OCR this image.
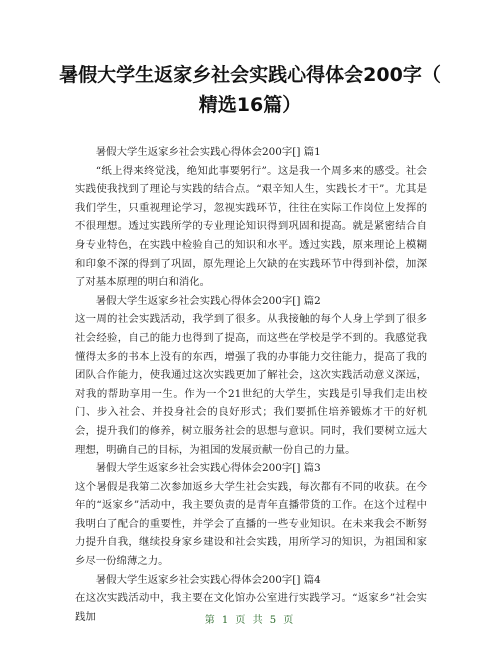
暑假大学生返家乡社会实践心得体会200字（
精选16篇）

暑假大学生返家乡社会实践心得体会200字[] 篇1

“纸上得来终觉浅，绝知此事要躬行”。这是我一个周多来的感受。社会实践使我找到了理论与实践的结合点。“艰辛知人生，实践长才干”。尤其是我们学生，只重视理论学习，忽视实践环节，往往在实际工作岗位上发挥的不很理想。透过实践所学的专业理论知识得到巩固和提高。就是紧密结合自身专业特色，在实践中检验自己的知识和水平。透过实践，原来理论上模糊和印象不深的得到了巩固，原先理论上欠缺的在实践环节中得到补偿，加深了对基本原理的明白和消化。

暑假大学生返家乡社会实践心得体会200字[] 篇2

这一周的社会实践活动，我学到了很多。从我接触的每个人身上学到了很多社会经验，自己的能力也得到了提高，而这些在学校是学不到的。我感觉我懂得太多的书本上没有的东西，增强了我的办事能力交往能力，提高了我的团队合作能力，使我通过这次实践更加了解社会，这次实践活动意义深远，对我的帮助享用一生。作为一个21世纪的大学生，实践是引导我们走出校门、步入社会、并投身社会的良好形式；我们要抓住培养锻炼才干的好机会，提升我们的修养，树立服务社会的思想与意识。同时，我们要树立远大理想，明确自己的目标，为祖国的发展贡献一份自己的力量。

暑假大学生返家乡社会实践心得体会200字[] 篇3

这个暑假是我第二次参加返乡大学生社会实践，每次都有不同的收获。在今年的“返家乡”活动中，我主要负责的是青年直播带货的工作。在这个过程中我明白了配合的重要性，并学会了直播的一些专业知识。在未来我会不断努力提升自我，继续投身家乡建设和社会实践，用所学习的知识，为祖国和家乡尽一份绵薄之力。

暑假大学生返家乡社会实践心得体会200字[] 篇4

在这次实践活动中，我主要在文化馆办公室进行实践学习。“返家乡”社会实践加	第 1 页 共 5 页
